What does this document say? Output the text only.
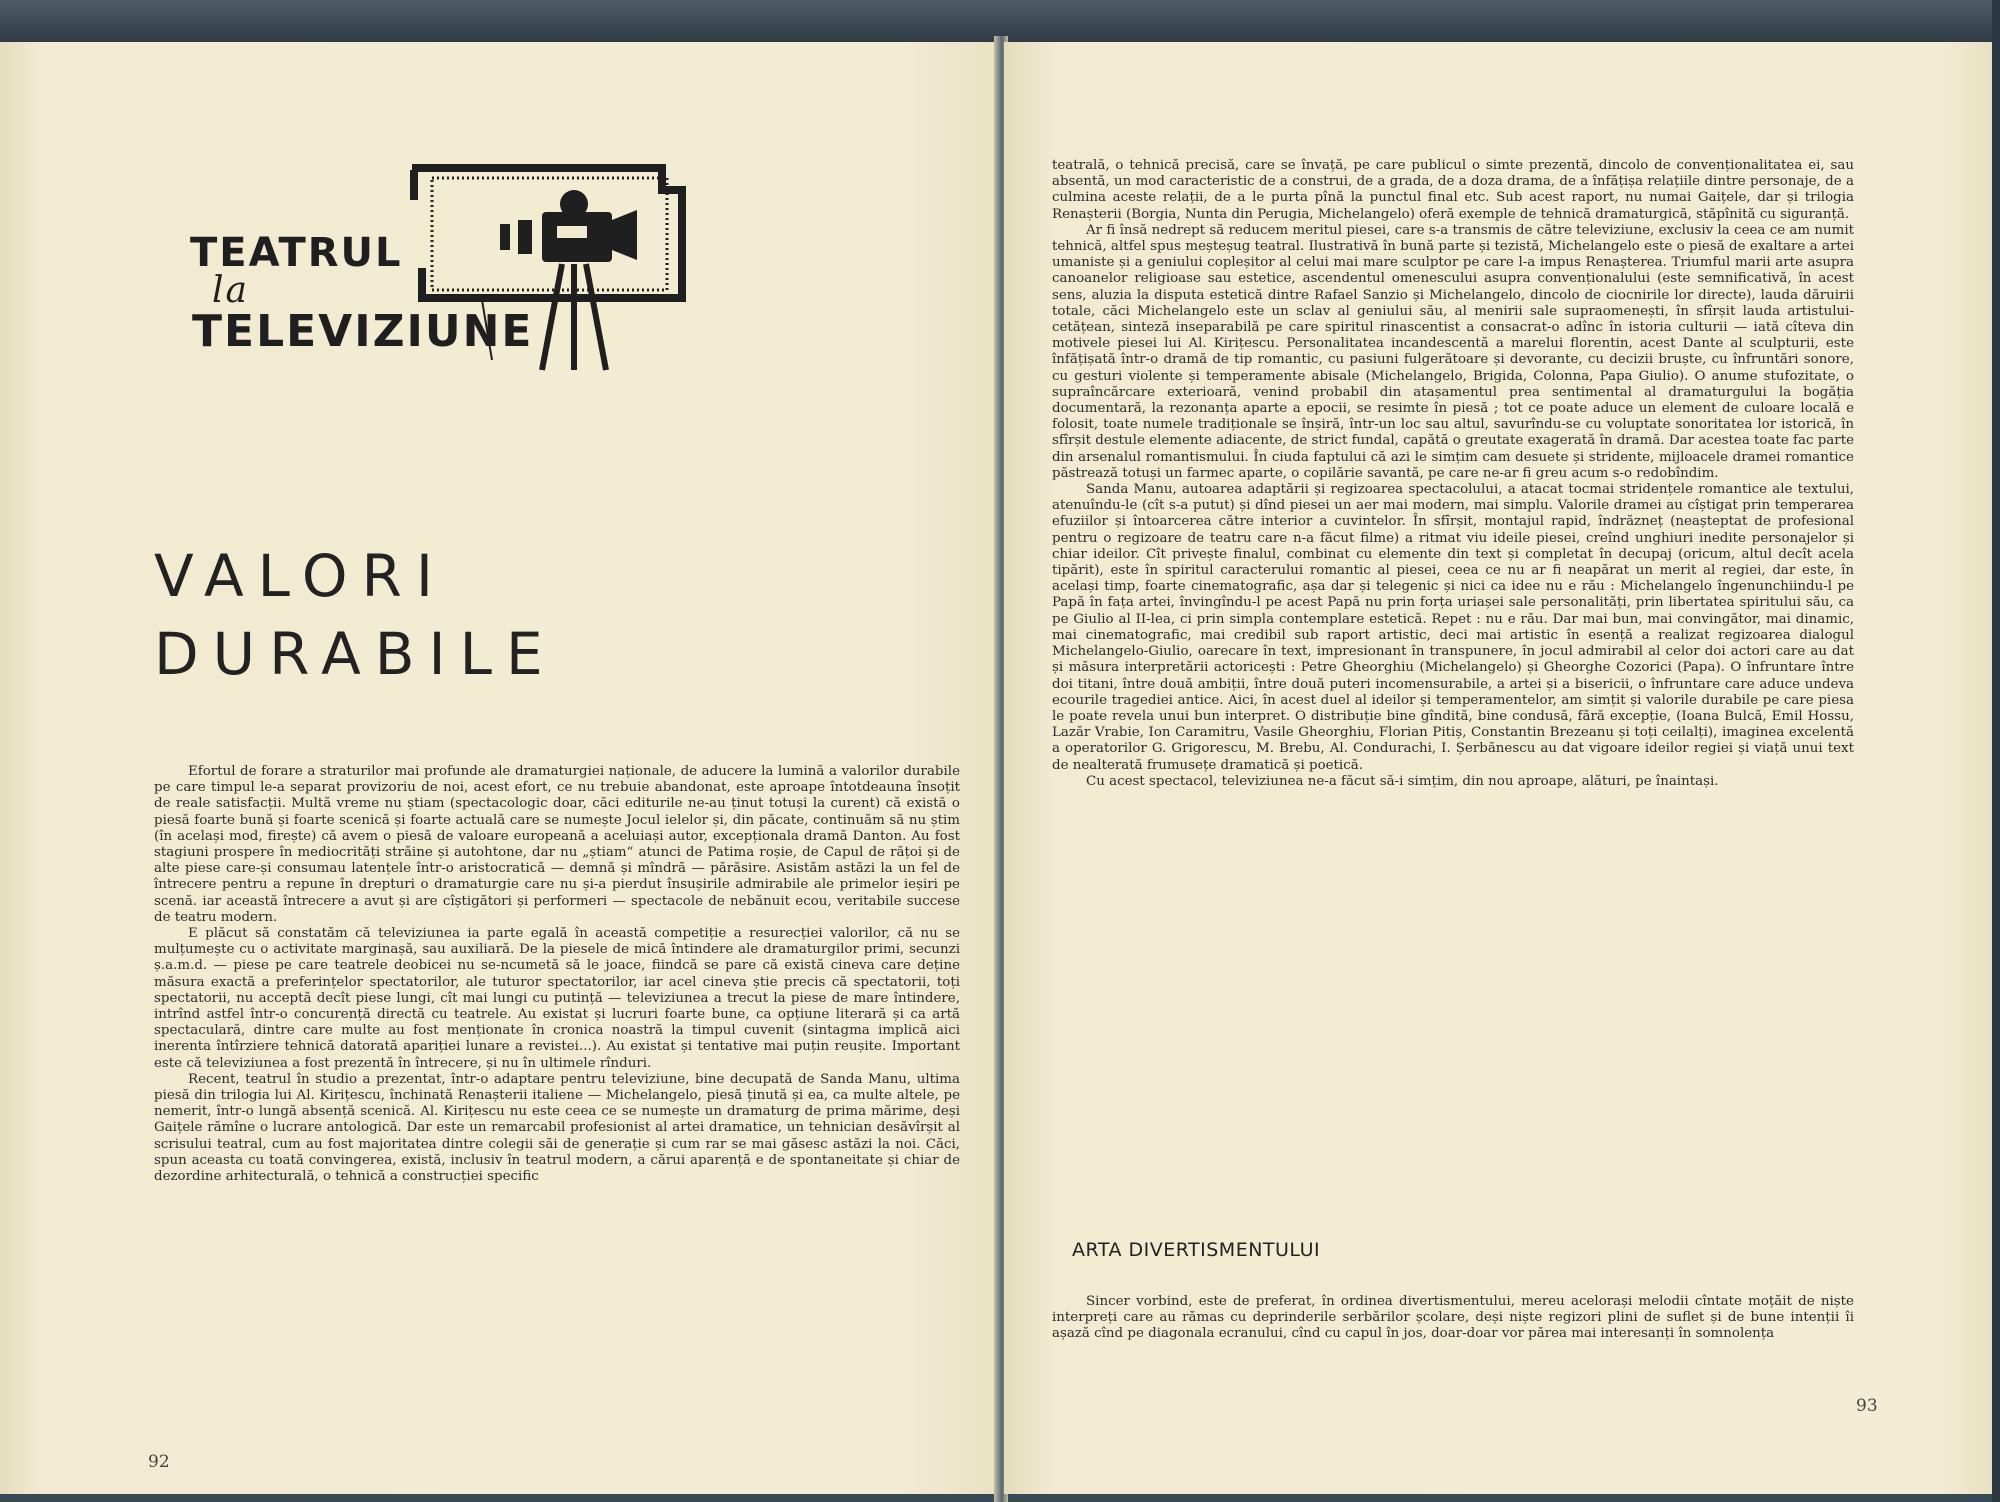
TEATRUL
la
TELEVIZIUNE
VALORI
DURABILE

Efortul de forare a straturilor mai profunde ale dramaturgiei naționale, de aducere la lumină a valorilor durabile pe care timpul le-a separat provizoriu de noi, acest efort, ce nu trebuie abandonat, este aproape întotdeauna însoțit de reale satisfacții. Multă vreme nu știam (spectacologic doar, căci editurile ne-au ținut totuși la curent) că există o piesă foarte bună și foarte scenică și foarte actuală care se numește Jocul ielelor și, din păcate, continuăm să nu știm (în același mod, firește) că avem o piesă de valoare europeană a aceluiași autor, excepționala dramă Danton. Au fost stagiuni prospere în mediocrități străine și autohtone, dar nu „știam“ atunci de Patima roșie, de Capul de rățoi și de alte piese care-și consumau latențele într-o aristocratică — demnă și mîndră — părăsire. Asistăm astăzi la un fel de întrecere pentru a repune în drepturi o dramaturgie care nu și-a pierdut însușirile admirabile ale primelor ieșiri pe scenă. iar această întrecere a avut și are cîștigători și performeri — spectacole de nebănuit ecou, veritabile succese de teatru modern.

E plăcut să constatăm că televiziunea ia parte egală în această competiție a resurecției valorilor, că nu se mulțumește cu o activitate marginașă, sau auxiliară. De la piesele de mică întindere ale dramaturgilor primi, secunzi ș.a.m.d. — piese pe care teatrele deobicei nu se-ncumetă să le joace, fiindcă se pare că există cineva care deține măsura exactă a preferințelor spectatorilor, ale tuturor spectatorilor, iar acel cineva știe precis că spectatorii, toți spectatorii, nu acceptă decît piese lungi, cît mai lungi cu putință — televiziunea a trecut la piese de mare întindere, intrînd astfel într-o concurență directă cu teatrele. Au existat și lucruri foarte bune, ca opțiune literară și ca artă spectaculară, dintre care multe au fost menționate în cronica noastră la timpul cuvenit (sintagma implică aici inerenta întîrziere tehnică datorată apariției lunare a revistei...). Au existat și tentative mai puțin reușite. Important este că televiziunea a fost prezentă în întrecere, și nu în ultimele rînduri.

Recent, teatrul în studio a prezentat, într-o adaptare pentru televiziune, bine decupată de Sanda Manu, ultima piesă din trilogia lui Al. Kirițescu, închinată Renașterii italiene — Michelangelo, piesă ținută și ea, ca multe altele, pe nemerit, într-o lungă absență scenică. Al. Kirițescu nu este ceea ce se numește un dramaturg de prima mărime, deși Gaițele rămîne o lucrare antologică. Dar este un remarcabil profesionist al artei dramatice, un tehnician desăvîrșit al scrisului teatral, cum au fost majoritatea dintre colegii săi de generație și cum rar se mai găsesc astăzi la noi. Căci, spun aceasta cu toată convingerea, există, inclusiv în teatrul modern, a cărui aparență e de spontaneitate și chiar de dezordine arhitecturală, o tehnică a construcției specific

92

teatrală, o tehnică precisă, care se învață, pe care publicul o simte prezentă, dincolo de convenționalitatea ei, sau absentă, un mod caracteristic de a construi, de a grada, de a doza drama, de a înfățișa relațiile dintre personaje, de a culmina aceste relații, de a le purta pînă la punctul final etc. Sub acest raport, nu numai Gaițele, dar și trilogia Renașterii (Borgia, Nunta din Perugia, Michelangelo) oferă exemple de tehnică dramaturgică, stăpînită cu siguranță.

Ar fi însă nedrept să reducem meritul piesei, care s-a transmis de către televiziune, exclusiv la ceea ce am numit tehnică, altfel spus meșteșug teatral. Ilustrativă în bună parte și tezistă, Michelangelo este o piesă de exaltare a artei umaniste și a geniului copleșitor al celui mai mare sculptor pe care l-a impus Renașterea. Triumful marii arte asupra canoanelor religioase sau estetice, ascendentul omenescului asupra convenționalului (este semnificativă, în acest sens, aluzia la disputa estetică dintre Rafael Sanzio și Michelangelo, dincolo de ciocnirile lor directe), lauda dăruirii totale, căci Michelangelo este un sclav al geniului său, al menirii sale supraomenești, în sfîrșit lauda artistului-cetățean, sinteză inseparabilă pe care spiritul rinascentist a consacrat-o adînc în istoria culturii — iată cîteva din motivele piesei lui Al. Kirițescu. Personalitatea incandescentă a marelui florentin, acest Dante al sculpturii, este înfățișată într-o dramă de tip romantic, cu pasiuni fulgerătoare și devorante, cu decizii bruște, cu înfruntări sonore, cu gesturi violente și temperamente abisale (Michelangelo, Brigida, Colonna, Papa Giulio). O anume stufozitate, o supraîncărcare exterioară, venind probabil din atașamentul prea sentimental al dramaturgului la bogăția documentară, la rezonanța aparte a epocii, se resimte în piesă ; tot ce poate aduce un element de culoare locală e folosit, toate numele tradiționale se înșiră, într-un loc sau altul, savurîndu-se cu voluptate sonoritatea lor istorică, în sfîrșit destule elemente adiacente, de strict fundal, capătă o greutate exagerată în dramă. Dar acestea toate fac parte din arsenalul romantismului. În ciuda faptului că azi le simțim cam desuete și stridente, mijloacele dramei romantice păstrează totuși un farmec aparte, o copilărie savantă, pe care ne-ar fi greu acum s-o redobîndim.

Sanda Manu, autoarea adaptării și regizoarea spectacolului, a atacat tocmai stridențele romantice ale textului, atenuîndu-le (cît s-a putut) și dînd piesei un aer mai modern, mai simplu. Valorile dramei au cîștigat prin temperarea efuziilor și întoarcerea către interior a cuvintelor. În sfîrșit, montajul rapid, îndrăzneț (neașteptat de profesional pentru o regizoare de teatru care n-a făcut filme) a ritmat viu ideile piesei, creînd unghiuri inedite personajelor și chiar ideilor. Cît privește finalul, combinat cu elemente din text și completat în decupaj (oricum, altul decît acela tipărit), este în spiritul caracterului romantic al piesei, ceea ce nu ar fi neapărat un merit al regiei, dar este, în același timp, foarte cinematografic, așa dar și telegenic și nici ca idee nu e rău : Michelangelo îngenunchiindu-l pe Papă în fața artei, învingîndu-l pe acest Papă nu prin forța uriașei sale personalități, prin libertatea spiritului său, ca pe Giulio al II-lea, ci prin simpla contemplare estetică. Repet : nu e rău. Dar mai bun, mai convingător, mai dinamic, mai cinematografic, mai credibil sub raport artistic, deci mai artistic în esență a realizat regizoarea dialogul Michelangelo-Giulio, oarecare în text, impresionant în transpunere, în jocul admirabil al celor doi actori care au dat și măsura interpretării actoricești : Petre Gheorghiu (Michelangelo) și Gheorghe Cozorici (Papa). O înfruntare între doi titani, între două ambiții, între două puteri incomensurabile, a artei și a bisericii, o înfruntare care aduce undeva ecourile tragediei antice. Aici, în acest duel al ideilor și temperamentelor, am simțit și valorile durabile pe care piesa le poate revela unui bun interpret. O distribuție bine gîndită, bine condusă, fără excepție, (Ioana Bulcă, Emil Hossu, Lazăr Vrabie, Ion Caramitru, Vasile Gheorghiu, Florian Pitiș, Constantin Brezeanu și toți ceilalți), imaginea excelentă a operatorilor G. Grigorescu, M. Brebu, Al. Condurachi, I. Șerbănescu au dat vigoare ideilor regiei și viață unui text de nealterată frumusețe dramatică și poetică.

Cu acest spectacol, televiziunea ne-a făcut să-i simțim, din nou aproape, alături, pe înaintași.

ARTA DIVERTISMENTULUI

Sincer vorbind, este de preferat, în ordinea divertismentului, mereu acelorași melodii cîntate moțăit de niște interpreți care au rămas cu deprinderile serbărilor școlare, deși niște regizori plini de suflet și de bune intenții îi așază cînd pe diagonala ecranului, cînd cu capul în jos, doar-doar vor părea mai interesanți în somnolența

93
